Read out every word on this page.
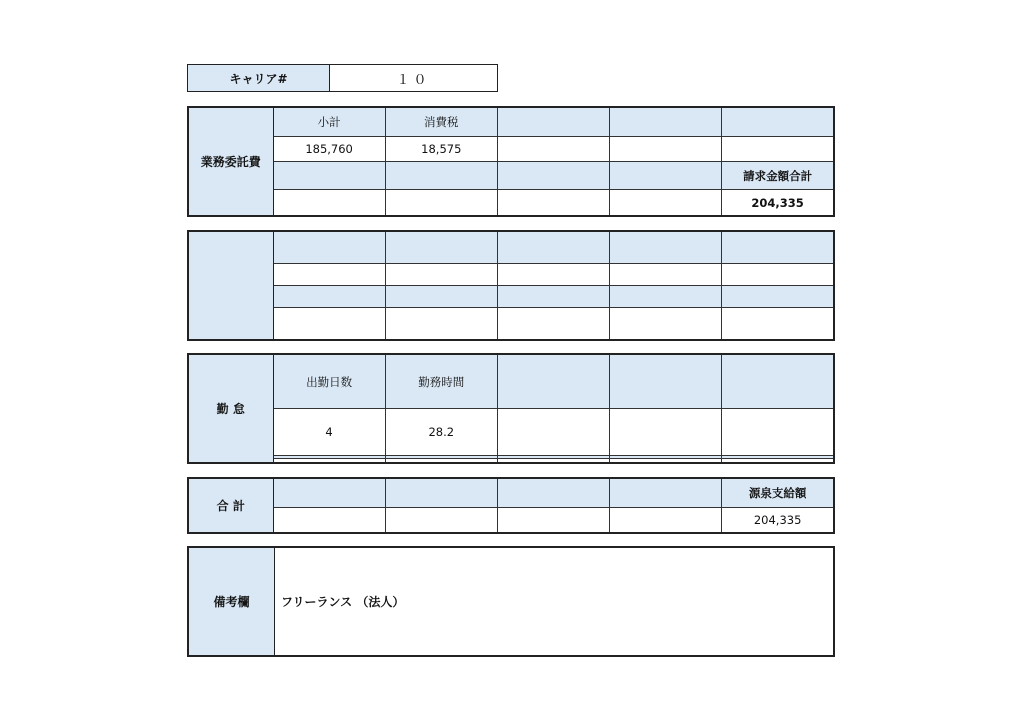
キャリア#	１０
業務委託費	小計	消費税			
	185,760	18,575			
					請求金額合計
					204,335

勤 怠	出勤日数	勤務時間			
	4	28.2			

合 計					源泉支給額
					204,335
備考欄	フリーランス （法人）
